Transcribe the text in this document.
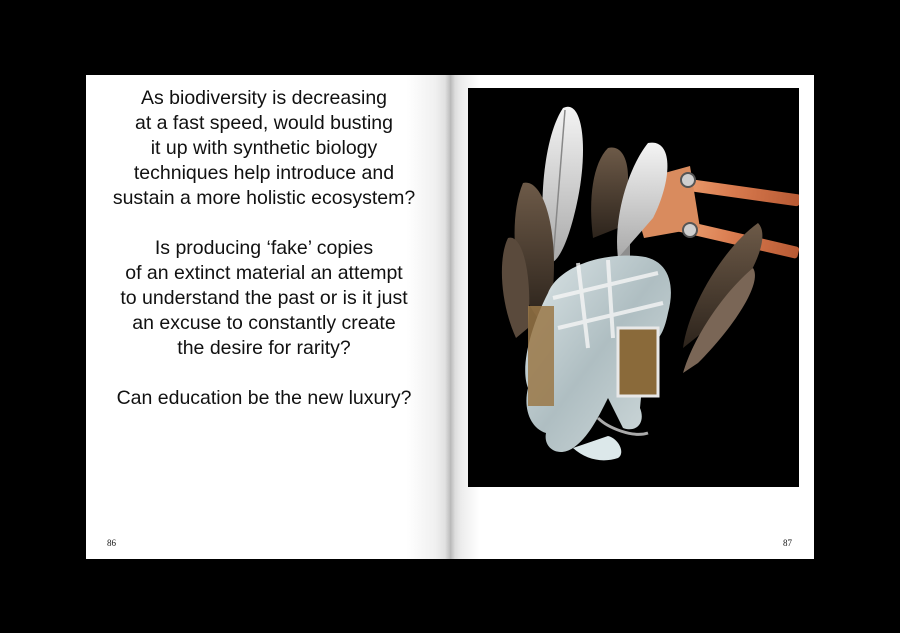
As biodiversity is decreasing
at a fast speed, would busting
it up with synthetic biology
techniques help introduce and
sustain a more holistic ecosystem?

Is producing ‘fake’ copies
of an extinct material an attempt
to understand the past or is it just
an excuse to constantly create
the desire for rarity?

Can education be the new luxury?

86	87
